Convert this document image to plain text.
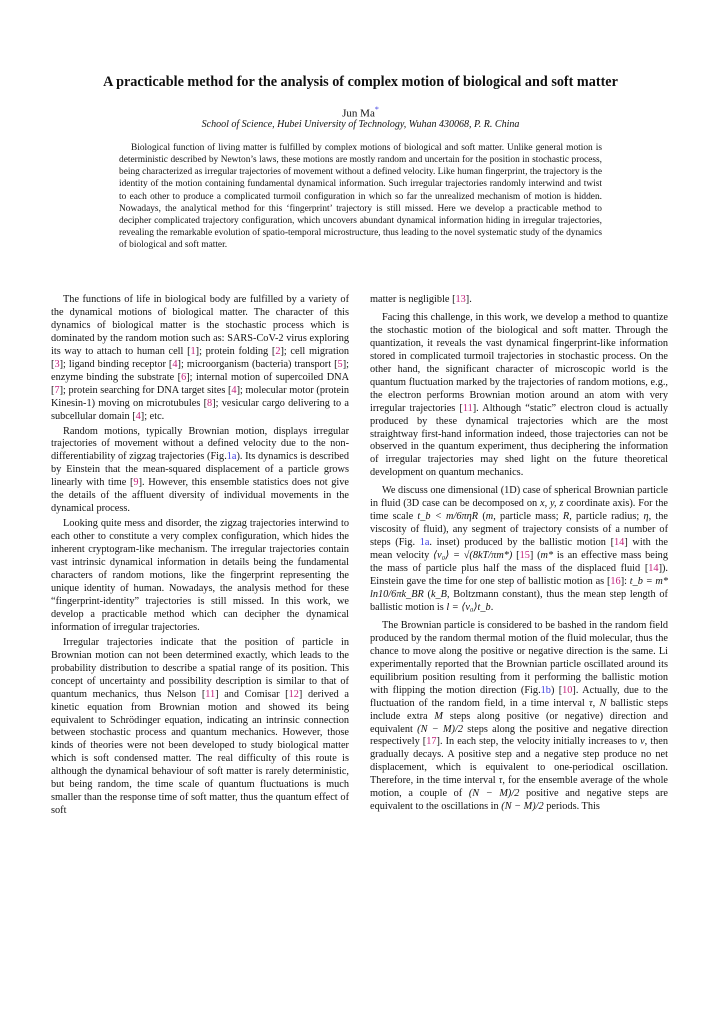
A practicable method for the analysis of complex motion of biological and soft matter
Jun Ma*
School of Science, Hubei University of Technology, Wuhan 430068, P. R. China
Biological function of living matter is fulfilled by complex motions of biological and soft matter. Unlike general motion is deterministic described by Newton’s laws, these motions are mostly random and uncertain for the position in stochastic process, being characterized as irregular trajectories of movement without a defined velocity. Like human fingerprint, the trajectory is the identity of the motion containing fundamental dynamical information. Such irregular trajectories randomly interwind and twist to each other to produce a complicated turmoil configuration in which so far the unrealized mechanism of motion is hidden. Nowadays, the analytical method for this ‘fingerprint’ trajectory is still missed. Here we develop a practicable method to decipher complicated trajectory configuration, which uncovers abundant dynamical information hiding in irregular trajectories, revealing the remarkable evolution of spatio-temporal microstructure, thus leading to the novel systematic study of the dynamics of biological and soft matter.

The functions of life in biological body are fulfilled by a variety of the dynamical motions of biological matter. The character of this dynamics of biological matter is the stochastic process which is dominated by the random motion such as: SARS-CoV-2 virus exploring its way to attach to human cell [1]; protein folding [2]; cell migration [3]; ligand binding receptor [4]; microorganism (bacteria) transport [5]; enzyme binding the substrate [6]; internal motion of supercoiled DNA [7]; protein searching for DNA target sites [4]; molecular motor (protein Kinesin-1) moving on microtubules [8]; vesicular cargo delivering to a subcellular domain [4]; etc.

Random motions, typically Brownian motion, displays irregular trajectories of movement without a defined velocity due to the non-differentiability of zigzag trajectories (Fig.1a). Its dynamics is described by Einstein that the mean-squared displacement of a particle grows linearly with time [9]. However, this ensemble statistics does not give the details of the affluent diversity of individual movements in the dynamical process.

Looking quite mess and disorder, the zigzag trajectories interwind to each other to constitute a very complex configuration, which hides the inherent cryptogram-like mechanism. The irregular trajectories contain vast intrinsic dynamical information in details being the fundamental characters of random motions, like the fingerprint representing the unique identity of human. Nowadays, the analysis method for these “fingerprint-identity” trajectories is still missed. In this work, we develop a practicable method which can decipher the dynamical information of irregular trajectories.

Irregular trajectories indicate that the position of particle in Brownian motion can not been determined exactly, which leads to the probability distribution to describe a spatial range of its position. This concept of uncertainty and possibility description is similar to that of quantum mechanics, thus Nelson [11] and Comisar [12] derived a kinetic equation from Brownian motion and showed its being equivalent to Schrödinger equation, indicating an intrinsic connection between stochastic process and quantum mechanics. However, those kinds of theories were not been developed to study biological matter which is soft condensed matter. The real difficulty of this route is although the dynamical behaviour of soft matter is rarely deterministic, but being random, the time scale of quantum fluctuations is much smaller than the response time of soft matter, thus the quantum effect of soft

matter is negligible [13].

Facing this challenge, in this work, we develop a method to quantize the stochastic motion of the biological and soft matter. Through the quantization, it reveals the vast dynamical fingerprint-like information stored in complicated turmoil trajectories in stochastic process. On the other hand, the significant character of microscopic world is the quantum fluctuation marked by the trajectories of random motions, e.g., the electron performs Brownian motion around an atom with very irregular trajectories [11]. Although “static” electron cloud is actually produced by these dynamical trajectories which are the most straightway first-hand information indeed, those trajectories can not be observed in the quantum experiment, thus deciphering the information of irregular trajectories may shed light on the future theoretical development on quantum mechanics.

We discuss one dimensional (1D) case of spherical Brownian particle in fluid (3D case can be decomposed on x, y, z coordinate axis). For the time scale t_b < m/6πηR (m, particle mass; R, particle radius; η, the viscosity of fluid), any segment of trajectory consists of a number of steps (Fig. 1a. inset) produced by the ballistic motion [14] with the mean velocity ⟨v₀⟩ = √(8kT/πm*) [15] (m* is an effective mass being the mass of particle plus half the mass of the displaced fluid [14]). Einstein gave the time for one step of ballistic motion as [16]: t_b = m* ln10/6πk_BR (k_B, Boltzmann constant), thus the mean step length of ballistic motion is l = ⟨v₀⟩t_b.

The Brownian particle is considered to be bashed in the random field produced by the random thermal motion of the fluid molecular, thus the chance to move along the positive or negative direction is the same. Li experimentally reported that the Brownian particle oscillated around its equilibrium position resulting from it performing the ballistic motion with flipping the motion direction (Fig.1b) [10]. Actually, due to the fluctuation of the random field, in a time interval τ, N ballistic steps include extra M steps along positive (or negative) direction and equivalent (N − M)/2 steps along the positive and negative direction respectively [17]. In each step, the velocity initially increases to v, then gradually decays. A positive step and a negative step produce no net displacement, which is equivalent to one-periodical oscillation. Therefore, in the time interval τ, for the ensemble average of the whole motion, a couple of (N − M)/2 positive and negative steps are equivalent to the oscillations in (N − M)/2 periods. This
